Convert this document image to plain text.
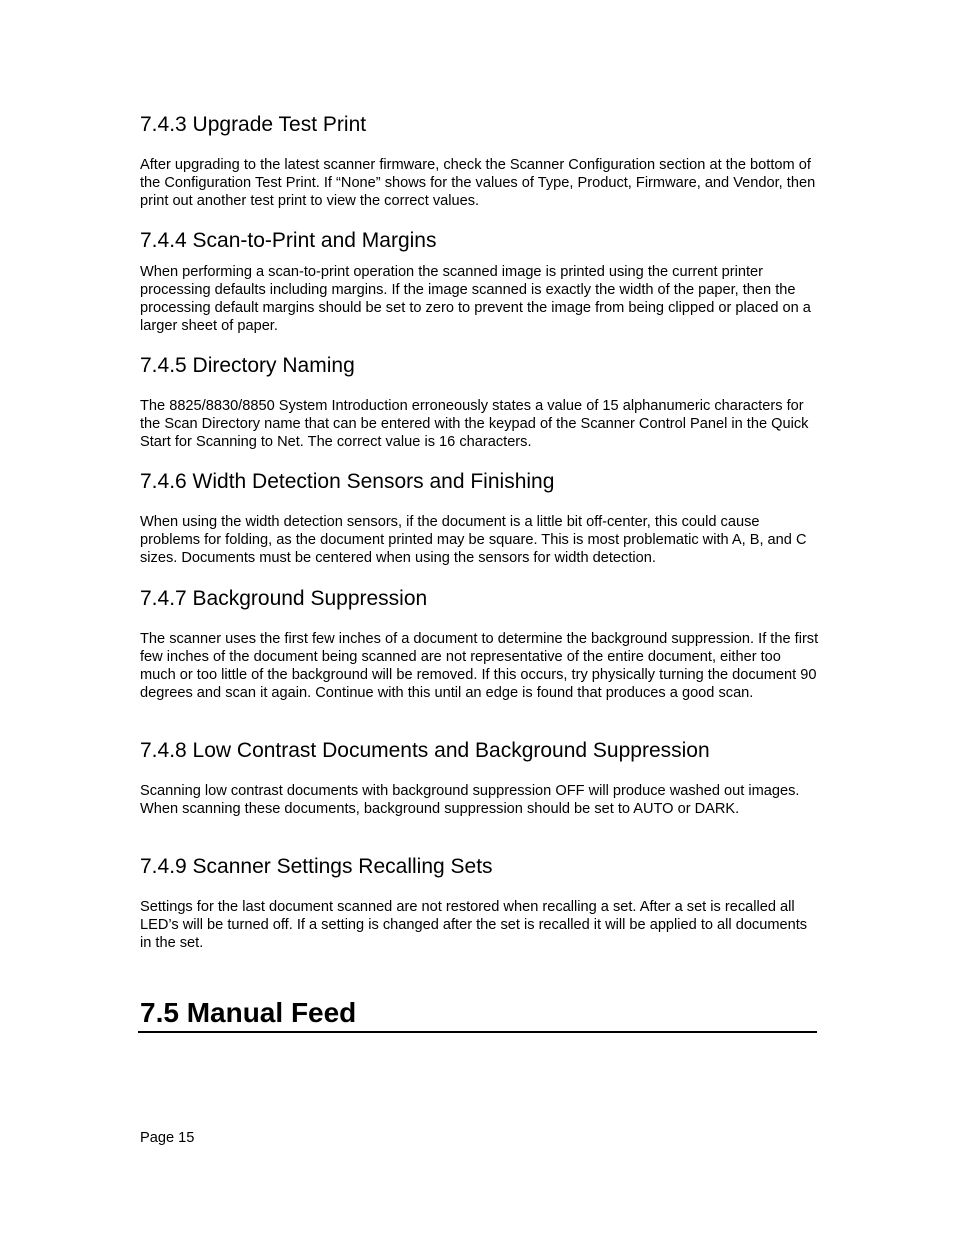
7.4.3 Upgrade Test Print

After upgrading to the latest scanner firmware, check the Scanner Configuration section at the bottom of the Configuration Test Print. If “None” shows for the values of Type, Product, Firmware, and Vendor, then print out another test print to view the correct values.

7.4.4 Scan-to-Print and Margins

When performing a scan-to-print operation the scanned image is printed using the current printer processing defaults including margins. If the image scanned is exactly the width of the paper, then the processing default margins should be set to zero to prevent the image from being clipped or placed on a larger sheet of paper.

7.4.5 Directory Naming

The 8825/8830/8850 System Introduction erroneously states a value of 15 alphanumeric characters for the Scan Directory name that can be entered with the keypad of the Scanner Control Panel in the Quick Start for Scanning to Net. The correct value is 16 characters.

7.4.6 Width Detection Sensors and Finishing

When using the width detection sensors, if the document is a little bit off-center, this could cause problems for folding, as the document printed may be square. This is most problematic with A, B, and C sizes. Documents must be centered when using the sensors for width detection.

7.4.7 Background Suppression

The scanner uses the first few inches of a document to determine the background suppression. If the first few inches of the document being scanned are not representative of the entire document, either too much or too little of the background will be removed. If this occurs, try physically turning the document 90 degrees and scan it again. Continue with this until an edge is found that produces a good scan.

7.4.8 Low Contrast Documents and Background Suppression

Scanning low contrast documents with background suppression OFF will produce washed out images. When scanning these documents, background suppression should be set to AUTO or DARK.

7.4.9 Scanner Settings Recalling Sets

Settings for the last document scanned are not restored when recalling a set. After a set is recalled all LED’s will be turned off. If a setting is changed after the set is recalled it will be applied to all documents in the set.

7.5 Manual Feed

Page 15
